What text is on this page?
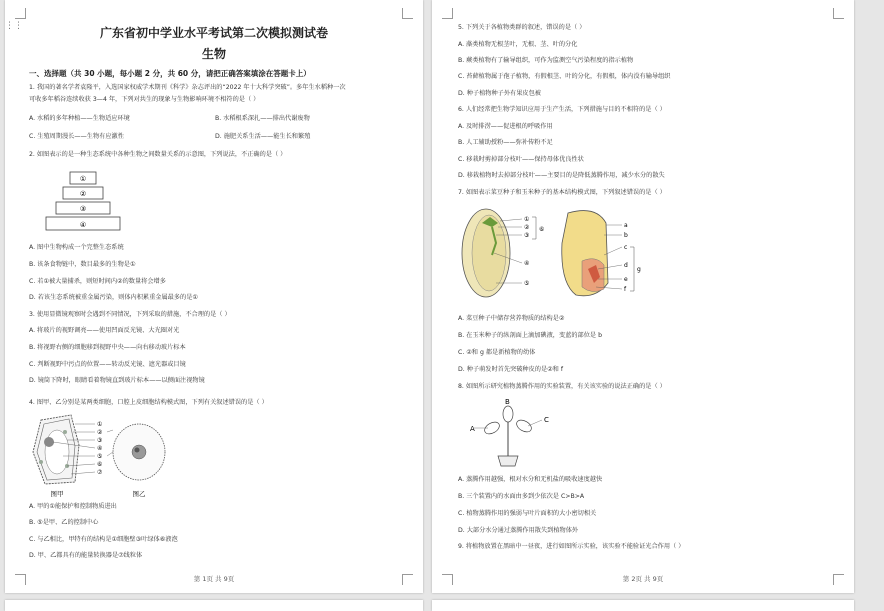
⋮⋮	广东省初中学业水平考试第二次模拟测试卷
生物
一、选择题（共 30 小题，每小题 2 分，共 60 分，请把正确答案填涂在答题卡上）
1. 我国的著名学者袁隆平，入选国家权威学术期刊《科学》杂志评出的“2022 年十大科学突破”。多年生水稻种一次
可收多年稻谷连续收获 3—4 年，下列对共生的现象与生物影响环境不相符的是（ ）
A. 水稻的多年种植——生物适应环境	B. 水稻根系深扎——排出代谢废物
C. 生殖周期漫长——生物有应激性	D. 施肥关系生活——能生长和繁殖
2. 如图表示的是一种生态系统中各种生物之间数量关系的示意图，下列说法，不正确的是（ ）
①
②
③
④
A. 图中生物构成一个完整生态系统
B. 该条食物链中，数目最多的生物是①
C. 若①被大量捕杀，则短时间内②的数量将会增多
D. 若该生态系统被重金属污染，则体内积累重金属最多的是①
3. 使用显微镜观察时会遇到不同情况，下列采取的措施，不合理的是（ ）
A. 将玻片的视野调亮——使用凹面反光镜、大光圈对光
B. 将视野右侧的细胞移到视野中央——向右移动玻片标本
C. 判断视野中污点的位置——转动反光镜、遮光器或目镜
D. 镜筒下降时，眼睛看着物镜直到玻片标本——以侧面注视物镜
4. 图甲、乙分别是某两类细胞，口腔上皮细胞结构模式图，下列有关叙述错误的是（ ）
①
②
③
④
⑤
⑥
⑦
图甲	图乙
A. 甲的①能保护和控制物质进出
B. ⑤是甲、乙的控制中心
C. 与乙相比，甲特有的结构是①细胞壁③叶绿体⑥液泡
D. 甲、乙都具有的能量转换器是⑦线粒体
第 1页 共 9页
5. 下列关于各植物类群的叙述，错误的是（ ）
A. 藻类植物无根茎叶，无根、茎、叶的分化
B. 蕨类植物有了输导组织，可作为监测空气污染程度的指示植物
C. 苔藓植物属于孢子植物，有假根茎、叶的分化，有假根，体内没有输导组织
D. 种子植物种子外有果皮包被
6. 人们经常把生物学知识应用于生产生活，下列措施与目的不相符的是（ ）
A. 及时排涝——促进根的呼吸作用
B. 人工辅助授粉——弥补传粉不足
C. 移栽时剪掉部分枝叶——保持母体优良性状
D. 移栽植物时去掉部分枝叶——主要目的是降低蒸腾作用，减少水分的散失
7. 如图表示菜豆种子和玉米种子的基本结构模式图，下列叙述错误的是（ ）
①
②
③
④
⑤
⑥
a
b
c
d
e
f
g
A. 菜豆种子中储存营养物质的结构是②
B. 在玉米种子的纵剖面上滴加碘液，变蓝的部位是 b
C. ②和 g 都是新植物的幼体
D. 种子萌发时首先突破种皮的是②和 f
8. 如图所示研究植物蒸腾作用的实验装置，有关该实验的说法正确的是（ ）
A
B
C
A. 蒸腾作用越强，根对水分和无机盐的吸收速度越快
B. 三个装置内的水面由多到少依次是 C>B>A
C. 植物蒸腾作用的强弱与叶片面积的大小密切相关
D. 大部分水分通过蒸腾作用散失到植物体外
9. 将植物放置在黑暗中一昼夜，进行如图所示实验，该实验不能验证光合作用（ ）
第 2页 共 9页
